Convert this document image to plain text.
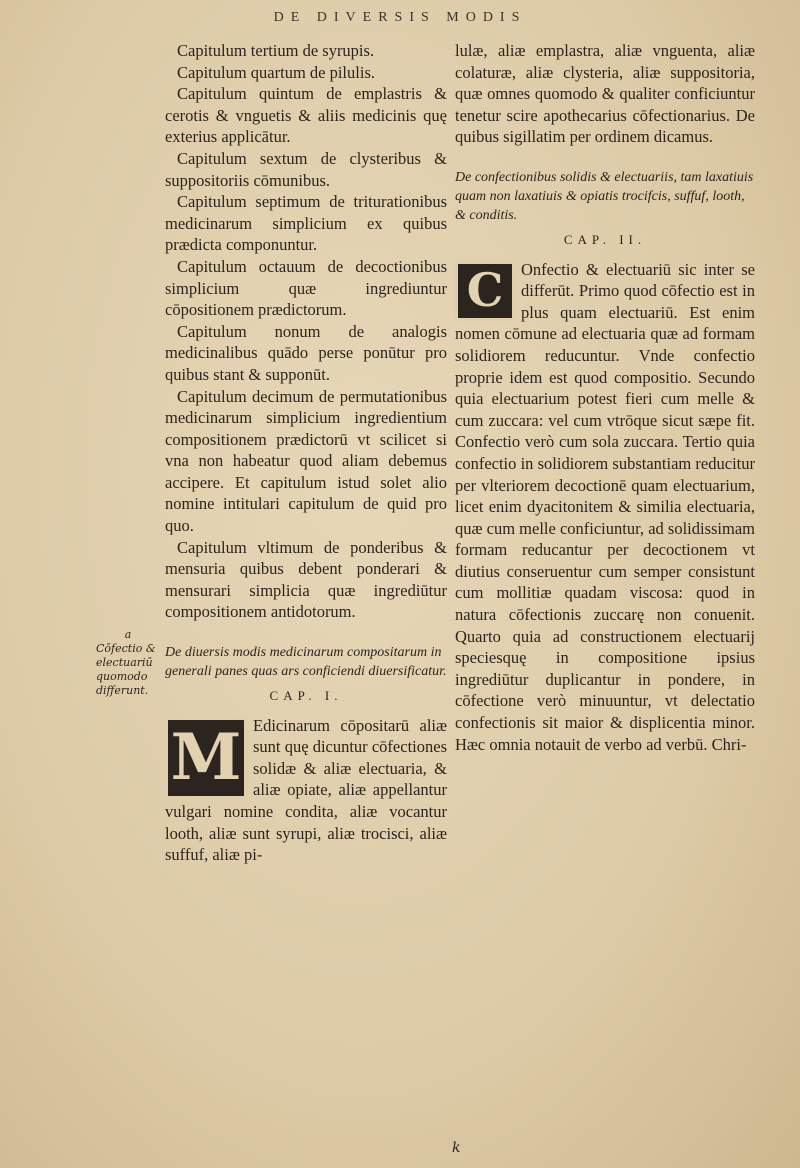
DE DIVERSIS MODIS
a
Cōfectio & electuariū quomodo differunt.

Capitulum tertium de syrupis.

Capitulum quartum de pilulis.

Capitulum quintum de emplastris & cerotis & vnguetis & aliis medicinis quę exterius applicātur.

Capitulum sextum de clysteribus & suppositoriis cōmunibus.

Capitulum septimum de triturationibus medicinarum simplicium ex quibus prædicta componuntur.

Capitulum octauum de decoctionibus simplicium quæ ingrediuntur cōpositionem prædictorum.

Capitulum nonum de analogis medicinalibus quādo perse ponūtur pro quibus stant & supponūt.

Capitulum decimum de permutationibus medicinarum simplicium ingredientium compositionem prædictorū vt scilicet si vna non habeatur quod aliam debemus accipere. Et capitulum istud solet alio nomine intitulari capitulum de quid pro quo.

Capitulum vltimum de ponderibus & mensuria quibus debent ponderari & mensurari simplicia quæ ingrediūtur compositionem antidotorum.

De diuersis modis medicinarum compositarum in generali panes quas ars conficiendi diuersificatur.
CAP. I.
M Edicinarum cōpositarū aliæ sunt quę dicuntur cōfectiones solidæ & aliæ electuaria, & aliæ opiate, aliæ appellantur vulgari nomine condita, aliæ vocantur looth, aliæ sunt syrupi, aliæ trocisci, aliæ suffuf, aliæ pi-

lulæ, aliæ emplastra, aliæ vnguenta, aliæ colaturæ, aliæ clysteria, aliæ suppositoria, quæ omnes quomodo & qualiter conficiuntur tenetur scire apothecarius cōfectionarius. De quibus sigillatim per ordinem dicamus.

De confectionibus solidis & electuariis, tam laxatiuis quam non laxatiuis & opiatis trocifcis, suffuf, looth, & conditis.
CAP. II.
C	Onfectio & electuariū sic inter se differūt. Primo quod cōfectio est in plus quam electuariū. Est enim nomen cōmune ad electuaria quæ ad formam solidiorem reducuntur. Vnde confectio proprie idem est quod compositio. Secundo quia electuarium potest fieri cum melle & cum zuccara: vel cum vtrōque sicut sæpe fit. Confectio verò cum sola zuccara. Tertio quia confectio in solidiorem substantiam reducitur per vlteriorem decoctionē quam electuarium, licet enim dyacitonitem & similia electuaria, quæ cum melle conficiuntur, ad solidissimam formam reducantur per decoctionem vt diutius conseruentur cum semper consistunt cum mollitiæ quadam viscosa: quod in natura cōfectionis zuccarę non conuenit. Quarto quia ad constructionem electuarij speciesquę in compositione ipsius ingrediūtur duplicantur in pondere, in cōfectione verò minuuntur, vt delectatio confectionis sit maior & displicentia minor. Hæc omnia notauit de verbo ad verbū. Chri-

k
